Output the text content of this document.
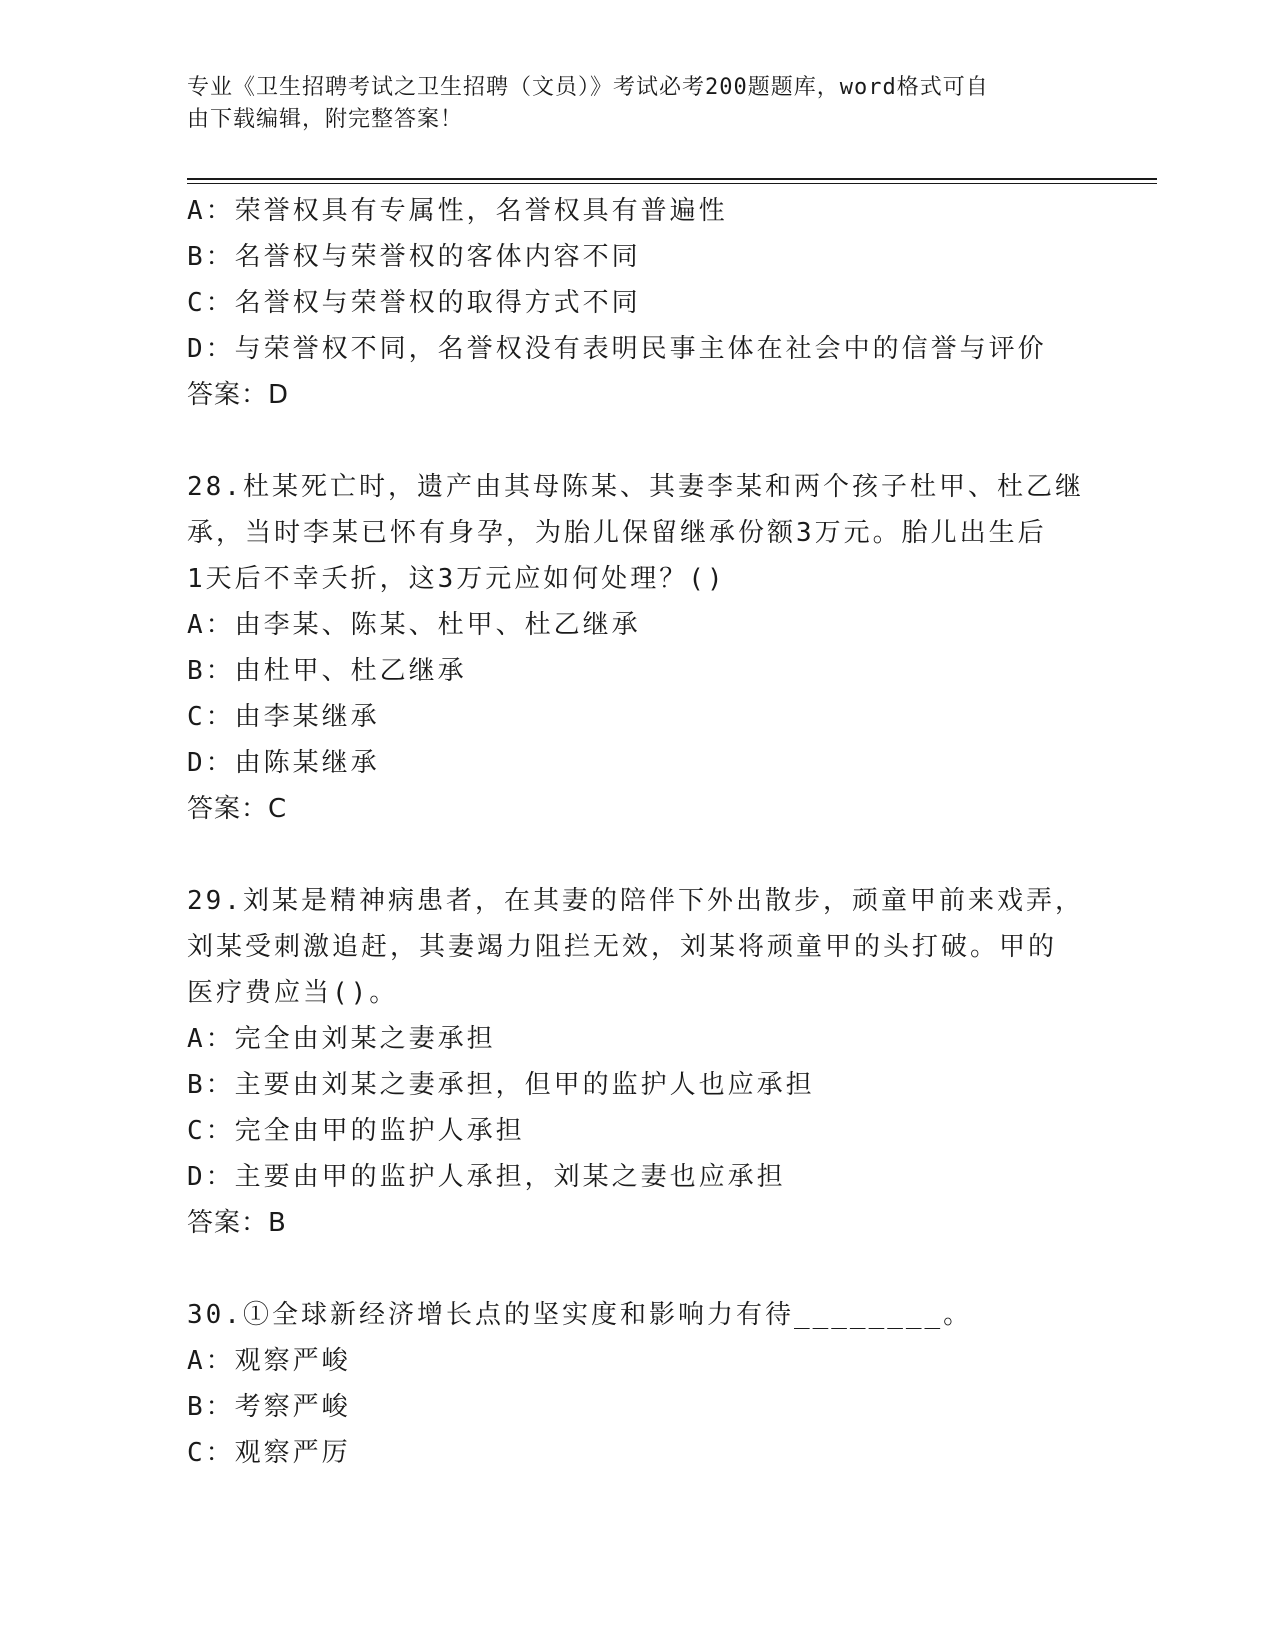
专业《卫生招聘考试之卫生招聘（文员）》考试必考200题题库，word格式可自
由下载编辑，附完整答案！
A：荣誉权具有专属性，名誉权具有普遍性
B：名誉权与荣誉权的客体内容不同
C：名誉权与荣誉权的取得方式不同
D：与荣誉权不同，名誉权没有表明民事主体在社会中的信誉与评价
答案：D
28.杜某死亡时，遗产由其母陈某、其妻李某和两个孩子杜甲、杜乙继
承，当时李某已怀有身孕，为胎儿保留继承份额3万元。胎儿出生后
1天后不幸夭折，这3万元应如何处理？()
A：由李某、陈某、杜甲、杜乙继承
B：由杜甲、杜乙继承
C：由李某继承
D：由陈某继承
答案：C
29.刘某是精神病患者，在其妻的陪伴下外出散步，顽童甲前来戏弄，
刘某受刺激追赶，其妻竭力阻拦无效，刘某将顽童甲的头打破。甲的
医疗费应当()。
A：完全由刘某之妻承担
B：主要由刘某之妻承担，但甲的监护人也应承担
C：完全由甲的监护人承担
D：主要由甲的监护人承担，刘某之妻也应承担
答案：B
30.①全球新经济增长点的坚实度和影响力有待________。
A：观察严峻
B：考察严峻
C：观察严厉
